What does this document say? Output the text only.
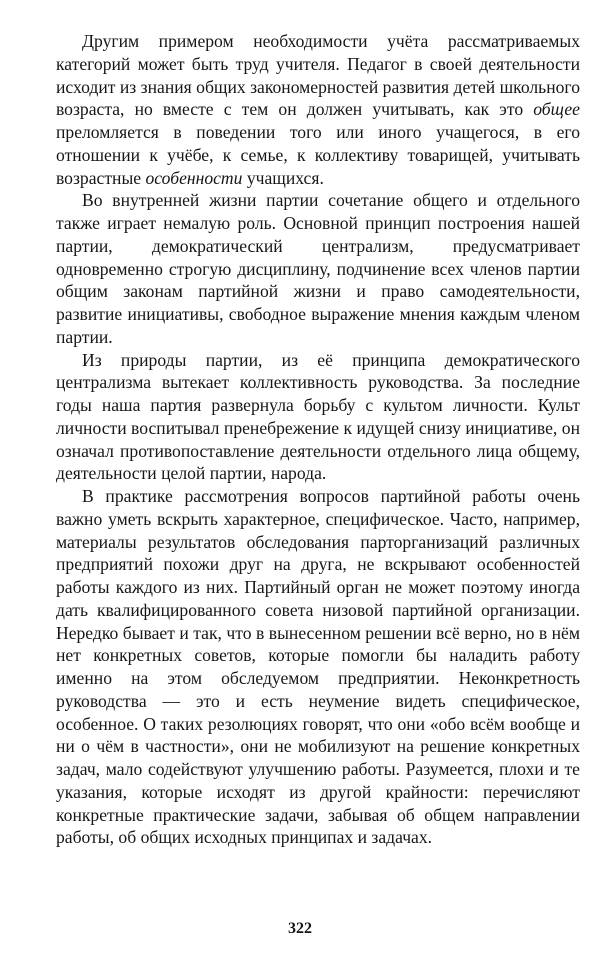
Другим примером необходимости учёта рассматриваемых категорий может быть труд учителя. Педагог в своей деятельности исходит из знания общих закономерностей развития детей школьного возраста, но вместе с тем он должен учитывать, как это общее преломляется в поведении того или иного учащегося, в его отношении к учёбе, к семье, к коллективу товарищей, учитывать возрастные особенности учащихся.

Во внутренней жизни партии сочетание общего и отдельного также играет немалую роль. Основной принцип построения нашей партии, демократический централизм, предусматривает одновременно строгую дисциплину, подчинение всех членов партии общим законам партийной жизни и право самодеятельности, развитие инициативы, свободное выражение мнения каждым членом партии.

Из природы партии, из её принципа демократического централизма вытекает коллективность руководства. За последние годы наша партия развернула борьбу с культом личности. Культ личности воспитывал пренебрежение к идущей снизу инициативе, он означал противопоставление деятельности отдельного лица общему, деятельности целой партии, народа.

В практике рассмотрения вопросов партийной работы очень важно уметь вскрыть характерное, специфическое. Часто, например, материалы результатов обследования парторганизаций различных предприятий похожи друг на друга, не вскрывают особенностей работы каждого из них. Партийный орган не может поэтому иногда дать квалифицированного совета низовой партийной организации. Нередко бывает и так, что в вынесенном решении всё верно, но в нём нет конкретных советов, которые помогли бы наладить работу именно на этом обследуемом предприятии. Неконкретность руководства — это и есть неумение видеть специфическое, особенное. О таких резолюциях говорят, что они «обо всём вообще и ни о чём в частности», они не мобилизуют на решение конкретных задач, мало содействуют улучшению работы. Разумеется, плохи и те указания, которые исходят из другой крайности: перечисляют конкретные практические задачи, забывая об общем направлении работы, об общих исходных принципах и задачах.

322
